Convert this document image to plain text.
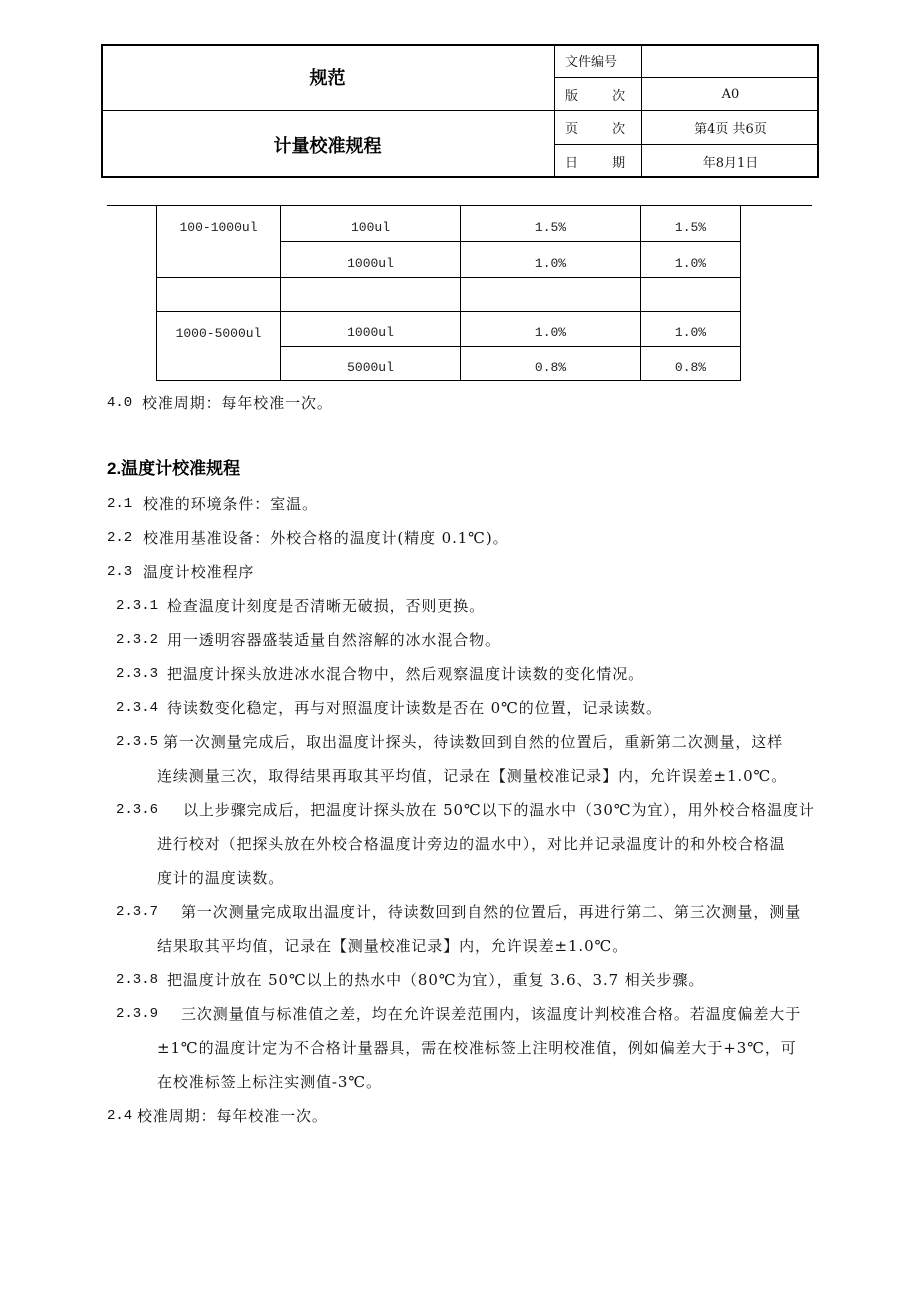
规范
计量校准规程
文件编号
版 次	A0
页 次	第4页 共6页
日 期	年8月1日
100-1000ul	100ul	1.5%	1.5%
	1000ul	1.0%	1.0%

1000-5000ul	1000ul	1.0%	1.0%
	5000ul	0.8%	0.8%
4.0 校准周期：每年校准一次。
2.温度计校准规程
2.1 校准的环境条件：室温。
2.2 校准用基准设备：外校合格的温度计(精度 0.1℃)。
2.3 温度计校准程序
2.3.1 检查温度计刻度是否清晰无破损，否则更换。
2.3.2 用一透明容器盛装适量自然溶解的冰水混合物。
2.3.3 把温度计探头放进冰水混合物中，然后观察温度计读数的变化情况。
2.3.4 待读数变化稳定，再与对照温度计读数是否在 0℃的位置，记录读数。
2.3.5 第一次测量完成后，取出温度计探头，待读数回到自然的位置后，重新第二次测量，这样
连续测量三次，取得结果再取其平均值，记录在【测量校准记录】内，允许误差±1.0℃。
2.3.6 以上步骤完成后，把温度计探头放在 50℃以下的温水中（30℃为宜），用外校合格温度计
进行校对（把探头放在外校合格温度计旁边的温水中），对比并记录温度计的和外校合格温
度计的温度读数。
2.3.7 第一次测量完成取出温度计，待读数回到自然的位置后，再进行第二、第三次测量，测量
结果取其平均值，记录在【测量校准记录】内，允许误差±1.0℃。
2.3.8 把温度计放在 50℃以上的热水中（80℃为宜），重复 3.6、3.7 相关步骤。
2.3.9 三次测量值与标准值之差，均在允许误差范围内，该温度计判校准合格。若温度偏差大于
±1℃的温度计定为不合格计量器具，需在校准标签上注明校准值，例如偏差大于+3℃，可
在校准标签上标注实测值-3℃。
2.4 校准周期：每年校准一次。
